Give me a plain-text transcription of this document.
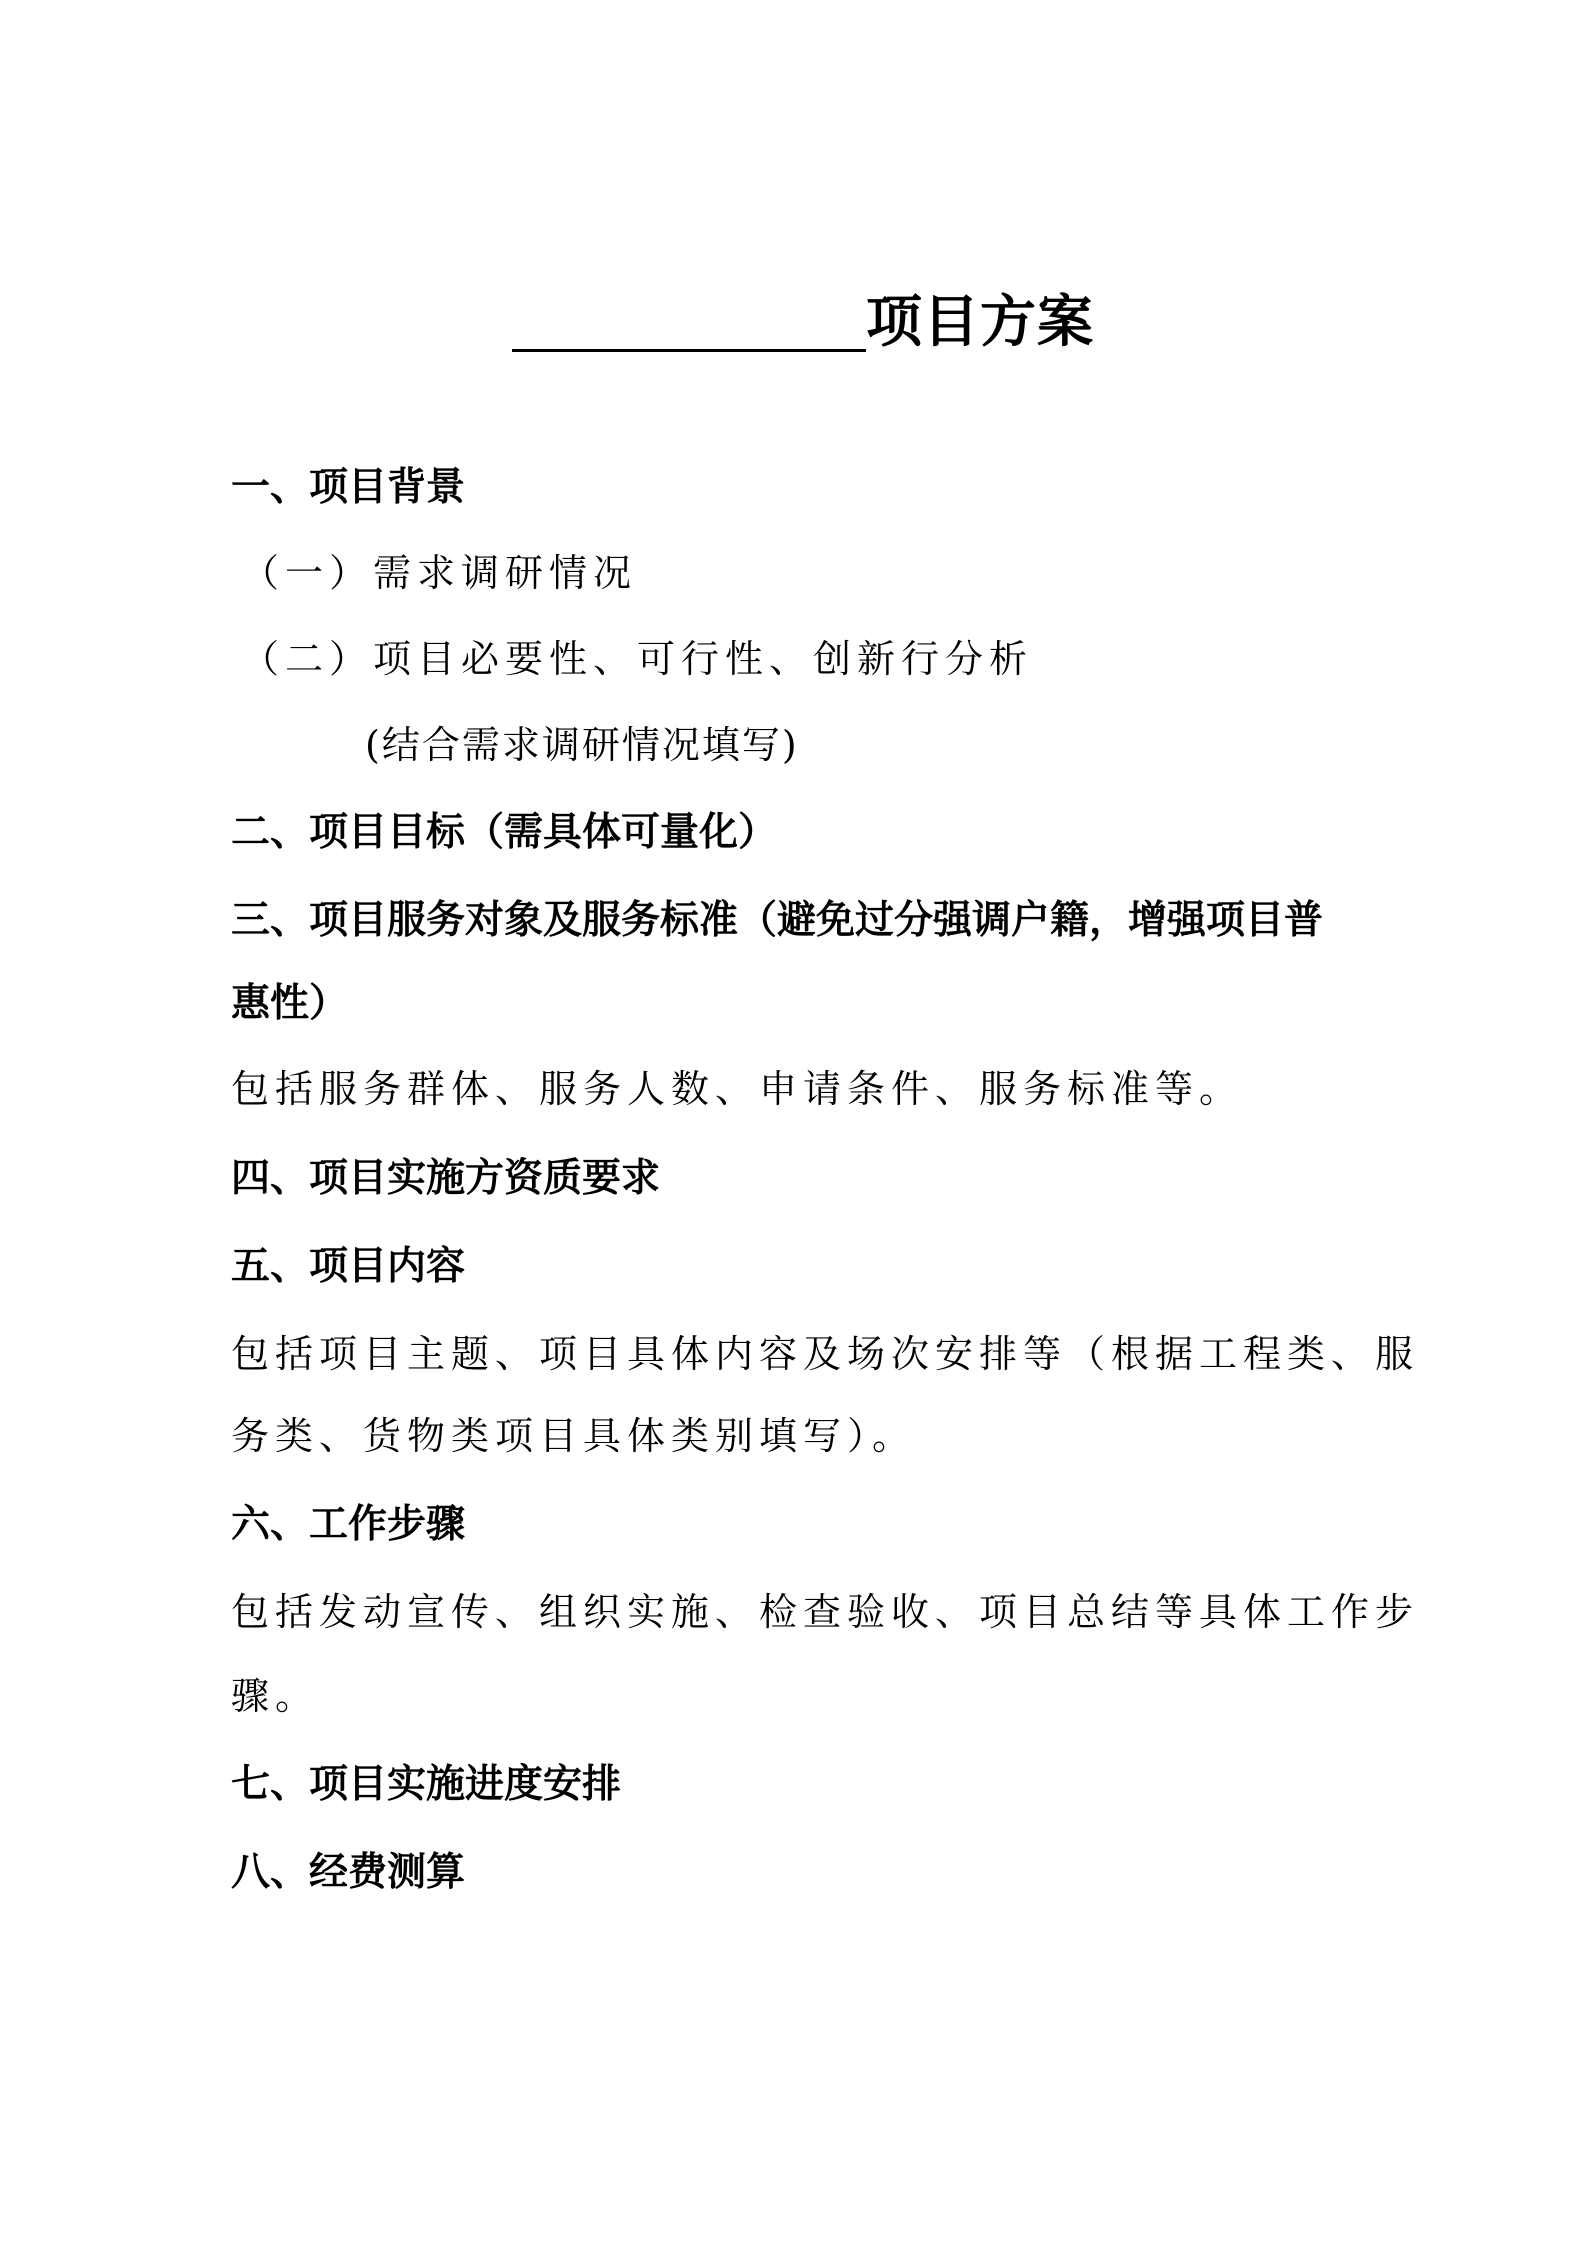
项目方案
一、项目背景
（一）需求调研情况
（二）项目必要性、可行性、创新行分析
(结合需求调研情况填写)
二、项目目标（需具体可量化）
三、项目服务对象及服务标准（避免过分强调户籍，增强项目普
惠性）
包括服务群体、服务人数、申请条件、服务标准等。
四、项目实施方资质要求
五、项目内容
包括项目主题、项目具体内容及场次安排等（根据工程类、服
务类、货物类项目具体类别填写）。
六、工作步骤
包括发动宣传、组织实施、检查验收、项目总结等具体工作步
骤。
七、项目实施进度安排
八、经费测算
